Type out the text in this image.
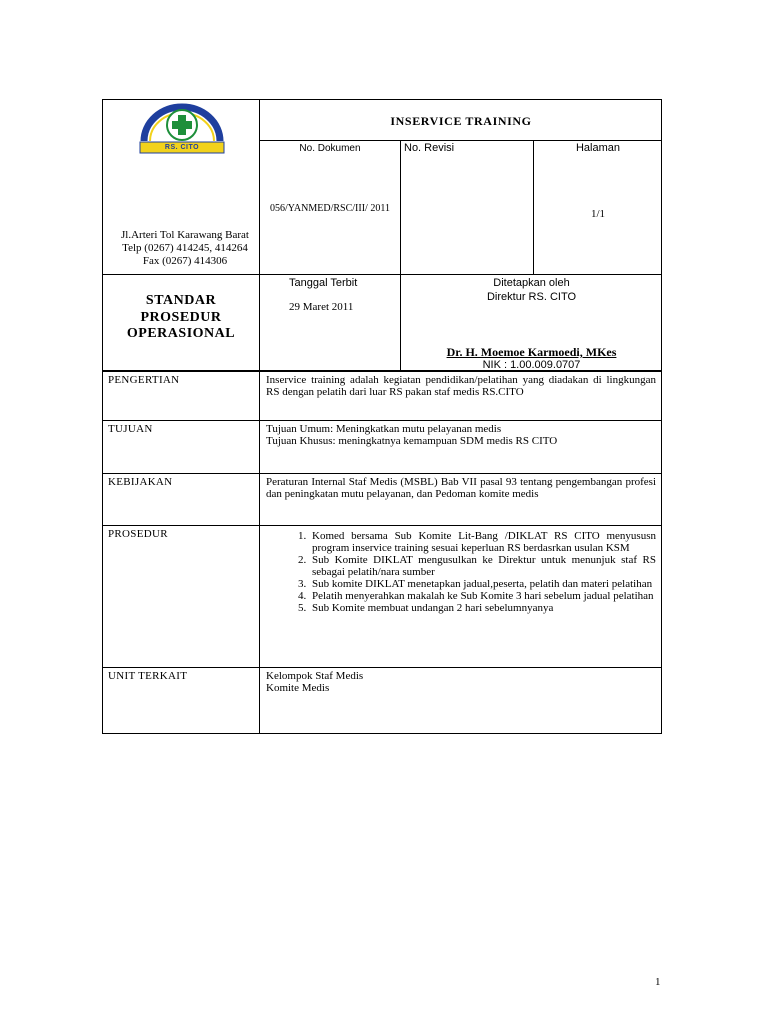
RS. CITO
Jl.Arteri Tol Karawang Barat Telp (0267) 414245, 414264 Fax (0267) 414306
INSERVICE TRAINING
No. Dokumen	No. Revisi	Halaman
056/YANMED/RSC/III/ 2011	1/1
STANDAR
PROSEDUR
OPERASIONAL
Tanggal Terbit
29 Maret 2011
Ditetapkan oleh
Direktur RS. CITO
Dr. H. Moemoe Karmoedi, MKes
NIK : 1.00.009.0707
PENGERTIAN	Inservice training adalah kegiatan pendidikan/pelatihan yang diadakan di lingkungan RS dengan pelatih dari luar RS pakan staf medis RS.CITO
TUJUAN	Tujuan Umum: Meningkatkan mutu pelayanan medis
Tujuan Khusus: meningkatnya kemampuan SDM medis RS CITO
KEBIJAKAN	Peraturan Internal Staf Medis (MSBL) Bab VII pasal 93 tentang pengembangan profesi dan peningkatan mutu pelayanan, dan Pedoman komite medis
PROSEDUR
1.	Komed bersama Sub Komite Lit-Bang /DIKLAT RS CITO menyususn program inservice training sesuai keperluan RS berdasrkan usulan KSM
2. Sub Komite DIKLAT mengusulkan ke Direktur untuk menunjuk staf RS sebagai pelatih/nara sumber
3. Sub komite DIKLAT menetapkan jadual,peserta, pelatih dan materi pelatihan
4. Pelatih menyerahkan makalah ke Sub Komite 3 hari sebelum jadual pelatihan
5. Sub Komite membuat undangan 2 hari sebelumnyanya
UNIT TERKAIT	Kelompok Staf Medis
Komite Medis
1
